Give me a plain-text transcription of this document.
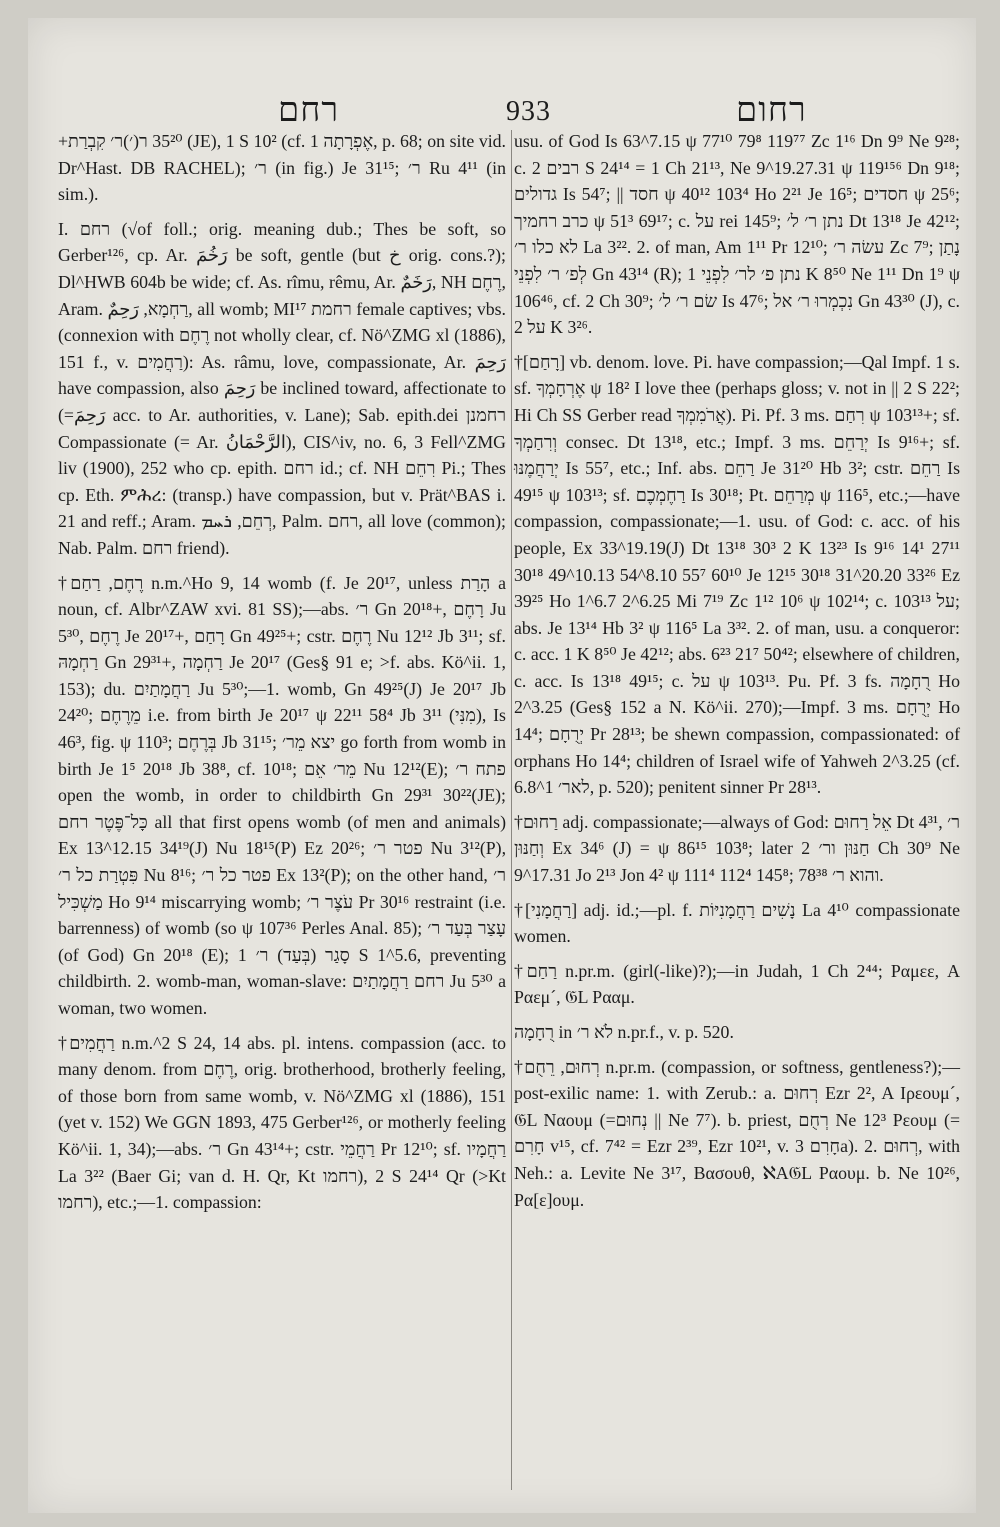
רחם	933	רחום

+ר(׳)ר׳ קִבְרַת ‎35²⁰ (JE), 1 S 10² (cf. אֶפְרָתָה 1, p. 68; on site vid. Dr^Hast. DB RACHEL); ר׳ (in fig.) Je 31¹⁵; ר׳ Ru 4¹¹ (in sim.).

I. רחם (√of foll.; orig. meaning dub.; Thes be soft, so Gerber¹²⁶, cp. Ar. رَخُمَ be soft, gentle (but خ orig. cons.?); Dl^HWB 604b be wide; cf. As. rîmu, rêmu, Ar. رَخَمٌ, NH רֶחֶם, Aram. רַחְמָא, رَحِمٌ, all womb; MI¹⁷ רחמת female captives; vbs. (connexion with רֶחֶם not wholly clear, cf. Nö^ZMG xl (1886), 151 f., v. רַחֲמִים): As. râmu, love, compassionate, Ar. رَحِمَ have compassion, also رَحِمَ be inclined toward, affectionate to (=رَحِمَ acc. to Ar. authorities, v. Lane); Sab. epith.dei רחמנן Compassionate (= Ar. الرَّحْمَانُ), CIS^iv, no. 6, 3 Fell^ZMG liv (1900), 252 who cp. epith. רחם id.; cf. NH רִחֵם Pi.; Thes cp. Eth. ምሕረ: (transp.) have compassion, but v. Prät^BAS i. 21 and reff.; Aram. רְחֵם, ܪܚܡ, Palm. רחם, all love (common); Nab. Palm. רחם friend).

†רֶחֶם, רַחַם n.m.^Ho 9, 14 womb (f. Je 20¹⁷, unless הָרַת a noun, cf. Albr^ZAW xvi. 81 SS);—abs. ר׳ Gn 20¹⁸+, רָחֶם Ju 5³⁰, רֶחֶם Je 20¹⁷+, רָחַם Gn 49²⁵+; cstr. רֶחֶם Nu 12¹² Jb 3¹¹; sf. רַחְמָהּ Gn 29³¹+, רַחְמָה Je 20¹⁷ (Ges§ 91 e; >f. abs. Kö^ii. 1, 153); du. רַחֲמָתַיִם Ju 5³⁰;—1. womb, Gn 49²⁵(J) Je 20¹⁷ Jb 24²⁰; מֵרֶחֶם i.e. from birth Je 20¹⁷ ψ 22¹¹ 58⁴ Jb 3¹¹ (מִנִּי), Is 46³, fig. ψ 110³; בְּרֶחֶם Jb 31¹⁵; יצא מֵר׳ go forth from womb in birth Je 1⁵ 20¹⁸ Jb 38⁸, cf. 10¹⁸; מֵר׳ אֵם Nu 12¹²(E); פתח ר׳ open the womb, in order to childbirth Gn 29³¹ 30²²(JE); כָּל־פֶּטֶר רחם all that first opens womb (of men and animals) Ex 13^12.15 34¹⁹(J) Nu 18¹⁵(P) Ez 20²⁶; פטר ר׳ Nu 3¹²(P), פִּטְרַת כל ר׳ Nu 8¹⁶; פטר כל ר׳ Ex 13²(P); on the other hand, ר׳ מַשְׁכִּיל Ho 9¹⁴ miscarrying womb; עֹצֶר ר׳ Pr 30¹⁶ restraint (i.e. barrenness) of womb (so ψ 107³⁶ Perles Anal. 85); עָצַר בְּעַד ר׳ (of God) Gn 20¹⁸ (E); סָגַר (בְּעַד) ר׳ 1 S 1^5.6, preventing childbirth. 2. womb-man, woman-slave: רחם רַחֲמָתַיִם Ju 5³⁰ a woman, two women.

†רַחֲמִים n.m.^2 S 24, 14 abs. pl. intens. compassion (acc. to many denom. from רֶחֶם, orig. brotherhood, brotherly feeling, of those born from same womb, v. Nö^ZMG xl (1886), 151 (yet v. 152) We GGN 1893, 475 Gerber¹²⁶, or motherly feeling Kö^ii. 1, 34);—abs. ר׳ Gn 43¹⁴+; cstr. רַחֲמֵי Pr 12¹⁰; sf. רַחֲמָיו La 3²² (Baer Gi; van d. H. Qr, Kt רחמו), 2 S 24¹⁴ Qr (>Kt רחמו), etc.;—1. compassion:

usu. of God Is 63^7.15 ψ 77¹⁰ 79⁸ 119⁷⁷ Zc 1¹⁶ Dn 9⁹ Ne 9²⁸; c. רבים 2 S 24¹⁴ = 1 Ch 21¹³, Ne 9^19.27.31 ψ 119¹⁵⁶ Dn 9¹⁸; גדולים Is 54⁷; || חסד ψ 40¹² 103⁴ Ho 2²¹ Je 16⁵; חסדים ψ 25⁶; כרב רחמיך ψ 51³ 69¹⁷; c. על rei 145⁹; נתן ר׳ ל׳ Dt 13¹⁸ Je 42¹²; לא כלו ר׳ La 3²². 2. of man, Am 1¹¹ Pr 12¹⁰; עשׂה ר׳ Zc 7⁹; נָתַן לְפ׳ ר׳ לִפְנֵי Gn 43¹⁴ (R); נתן פ׳ לר׳ לִפְנֵי 1 K 8⁵⁰ Ne 1¹¹ Dn 1⁹ ψ 106⁴⁶, cf. 2 Ch 30⁹; שׂם ר׳ ל׳ Is 47⁶; נִכְמְרוּ ר׳ אל Gn 43³⁰ (J), c. על 2 K 3²⁶.

†[רָחַם] vb. denom. love. Pi. have compassion;—Qal Impf. 1 s. sf. אֶרְחָמְךָ ψ 18² I love thee (perhaps gloss; v. not in || 2 S 22²; Hi Ch SS Gerber read אֲרֹמִמְךָ). Pi. Pf. 3 ms. רִחַם ψ 103¹³+; sf. וְרִחַמְךָ consec. Dt 13¹⁸, etc.; Impf. 3 ms. יְרַחֵם Is 9¹⁶+; sf. יְרַחֲמֶנּוּ Is 55⁷, etc.; Inf. abs. רַחֵם Je 31²⁰ Hb 3²; cstr. רַחֵם Is 49¹⁵ ψ 103¹³; sf. רַחֶמְכֶם Is 30¹⁸; Pt. מְרַחֵם ψ 116⁵, etc.;—have compassion, compassionate;—1. usu. of God: c. acc. of his people, Ex 33^19.19(J) Dt 13¹⁸ 30³ 2 K 13²³ Is 9¹⁶ 14¹ 27¹¹ 30¹⁸ 49^10.13 54^8.10 55⁷ 60¹⁰ Je 12¹⁵ 30¹⁸ 31^20.20 33²⁶ Ez 39²⁵ Ho 1^6.7 2^6.25 Mi 7¹⁹ Zc 1¹² 10⁶ ψ 102¹⁴; c. על 103¹³; abs. Je 13¹⁴ Hb 3² ψ 116⁵ La 3³². 2. of man, usu. a conqueror: c. acc. 1 K 8⁵⁰ Je 42¹²; abs. 6²³ 21⁷ 50⁴²; elsewhere of children, c. acc. Is 13¹⁸ 49¹⁵; c. על ψ 103¹³. Pu. Pf. 3 fs. רֻחָמָה Ho 2^3.25 (Ges§ 152 a N. Kö^ii. 270);—Impf. 3 ms. יְרֻחָם Ho 14⁴; יְרֻחָם Pr 28¹³; be shewn compassion, compassionated: of orphans Ho 14⁴; children of Israel wife of Yahweh 2^3.25 (cf. לאר׳ 1^6.8, p. 520); penitent sinner Pr 28¹³.

†רַחוּם adj. compassionate;—always of God: אֵל רַחוּם Dt 4³¹, ר׳ וְחַנּוּן Ex 34⁶ (J) = ψ 86¹⁵ 103⁸; later חַנּוּן ור׳ 2 Ch 30⁹ Ne 9^17.31 Jo 2¹³ Jon 4² ψ 111⁴ 112⁴ 145⁸; והוא ר׳ 78³⁸.

†[רַחֲמָנִי] adj. id.;—pl. f. נָשִׁים רַחֲמָנִיּוֹת La 4¹⁰ compassionate women.

†רַחַם n.pr.m. (girl(-like)?);—in Judah, 1 Ch 2⁴⁴; Ραμεε, A Ραεμ´, 𝔊L Ρααμ.

רֻחָמָה in לֹא ר׳ n.pr.f., v. p. 520.

†רְחוּם, רֵחֻם n.pr.m. (compassion, or softness, gentleness?);—post-exilic name: 1. with Zerub.: a. רְחוּם Ezr 2², A Ιρεουμ´, 𝔊L Ναουμ (=נְחוּם || Ne 7⁷). b. priest, רְחֻם Ne 12³ Ρεουμ (= חָרִם v¹⁵, cf. 7⁴² = Ezr 2³⁹, Ezr 10²¹, v. חָרִם 3a). 2. רְחוּם, with Neh.: a. Levite Ne 3¹⁷, Βασουθ, ℵA𝔊L Ραουμ. b. Ne 10²⁶, Ρα[ε]ουμ.
